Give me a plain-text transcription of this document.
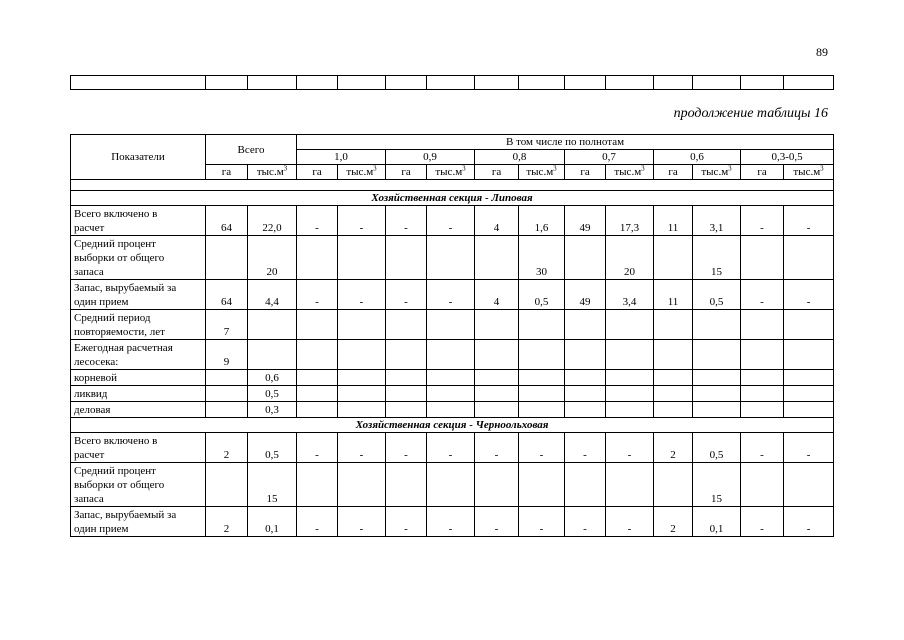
89

продолжение таблицы 16
Показатели	Всего		В том числе по полнотам											
			1,0		0,9		0,8		0,7		0,6		0,3-0,5	
	га	$тыс.м^3$	га	$тыс.м^3$	га	$тыс.м^3$	га	$тыс.м^3$	га	$тыс.м^3$	га	$тыс.м^3$	га	$тыс.м^3$

Хозяйственная секция - Липовая														
Всего включено в
расчет	64	22,0	-	-	-	-	4	1,6	49	17,3	11	3,1	-	-
Средний процент
выборки от общего
запаса		20						30		20		15		
Запас, вырубаемый за
один прием	64	4,4	-	-	-	-	4	0,5	49	3,4	11	0,5	-	-
Средний период
повторяемости, лет	7													
Ежегодная расчетная
лесосека:	9													
корневой		0,6												
ликвид		0,5												
деловая		0,3												
Хозяйственная секция - Черноольховая														
Всего включено в
расчет	2	0,5	-	-	-	-	-	-	-	-	2	0,5	-	-
Средний процент
выборки от общего
запаса		15										15		
Запас, вырубаемый за
один прием	2	0,1	-	-	-	-	-	-	-	-	2	0,1	-	-
